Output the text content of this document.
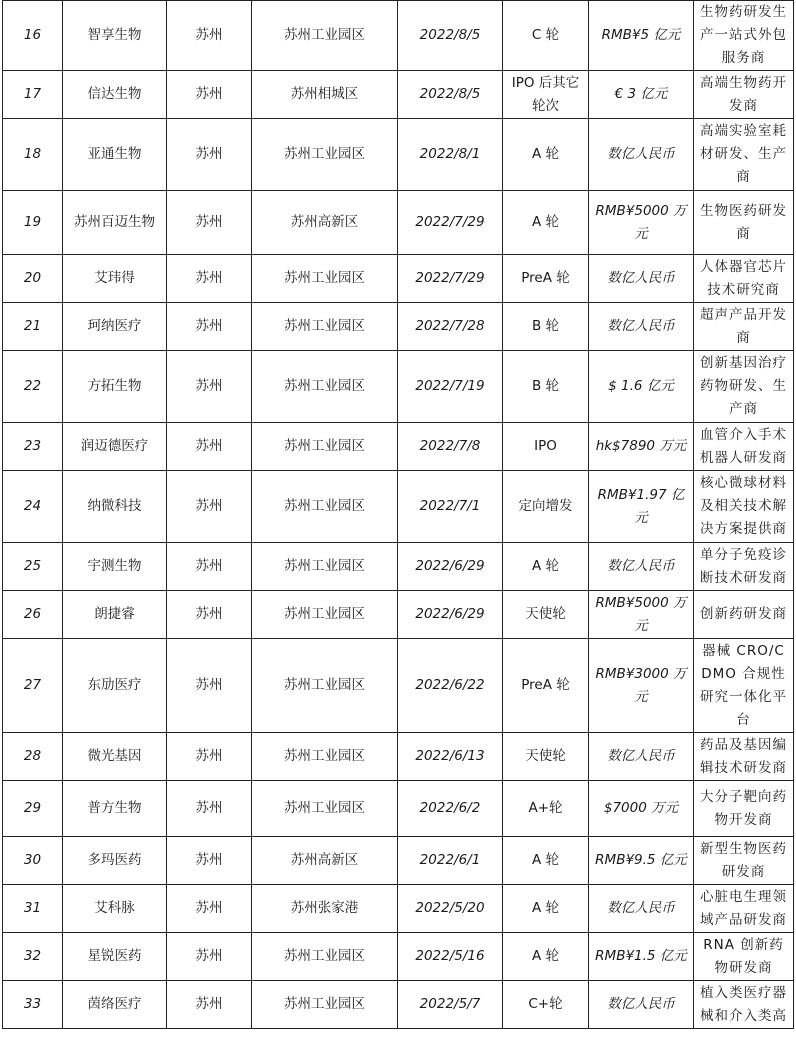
16	智享生物	苏州	苏州工业园区	2022/8/5	C 轮	RMB¥5 亿元	生物药研发生产一站式外包服务商
17	信达生物	苏州	苏州相城区	2022/8/5	IPO 后其它轮次	€ 3 亿元	高端生物药开发商
18	亚通生物	苏州	苏州工业园区	2022/8/1	A 轮	数亿人民币	高端实验室耗材研发、生产商
19	苏州百迈生物	苏州	苏州高新区	2022/7/29	A 轮	RMB¥5000 万元	生物医药研发商
20	艾玮得	苏州	苏州工业园区	2022/7/29	PreA 轮	数亿人民币	人体器官芯片技术研究商
21	珂纳医疗	苏州	苏州工业园区	2022/7/28	B 轮	数亿人民币	超声产品开发商
22	方拓生物	苏州	苏州工业园区	2022/7/19	B 轮	$ 1.6 亿元	创新基因治疗药物研发、生产商
23	润迈德医疗	苏州	苏州工业园区	2022/7/8	IPO	hk$7890 万元	血管介入手术机器人研发商
24	纳微科技	苏州	苏州工业园区	2022/7/1	定向增发	RMB¥1.97 亿元	核心微球材料及相关技术解决方案提供商
25	宇测生物	苏州	苏州工业园区	2022/6/29	A 轮	数亿人民币	单分子免疫诊断技术研发商
26	朗捷睿	苏州	苏州工业园区	2022/6/29	天使轮	RMB¥5000 万元	创新药研发商
27	东劢医疗	苏州	苏州工业园区	2022/6/22	PreA 轮	RMB¥3000 万元	器械 CRO/CDMO 合规性研究一体化平台
28	微光基因	苏州	苏州工业园区	2022/6/13	天使轮	数亿人民币	药品及基因编辑技术研发商
29	普方生物	苏州	苏州工业园区	2022/6/2	A+轮	$7000 万元	大分子靶向药物开发商
30	多玛医药	苏州	苏州高新区	2022/6/1	A 轮	RMB¥9.5 亿元	新型生物医药研发商
31	艾科脉	苏州	苏州张家港	2022/5/20	A 轮	数亿人民币	心脏电生理领域产品研发商
32	星锐医药	苏州	苏州工业园区	2022/5/16	A 轮	RMB¥1.5 亿元	RNA 创新药物研发商
33	茵络医疗	苏州	苏州工业园区	2022/5/7	C+轮	数亿人民币	植入类医疗器械和介入类高
